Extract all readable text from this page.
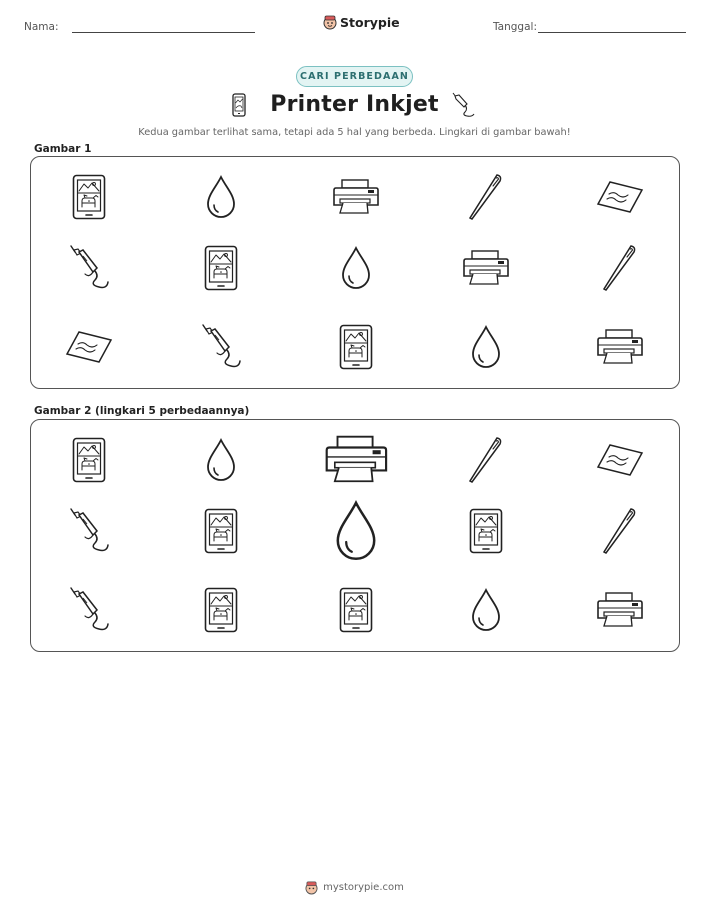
Nama:	Storypie	Tanggal:
CARI PERBEDAAN
Printer Inkjet
Kedua gambar terlihat sama, tetapi ada 5 hal yang berbeda. Lingkari di gambar bawah!
Gambar 1
Gambar 2 (lingkari 5 perbedaannya)
mystorypie.com
